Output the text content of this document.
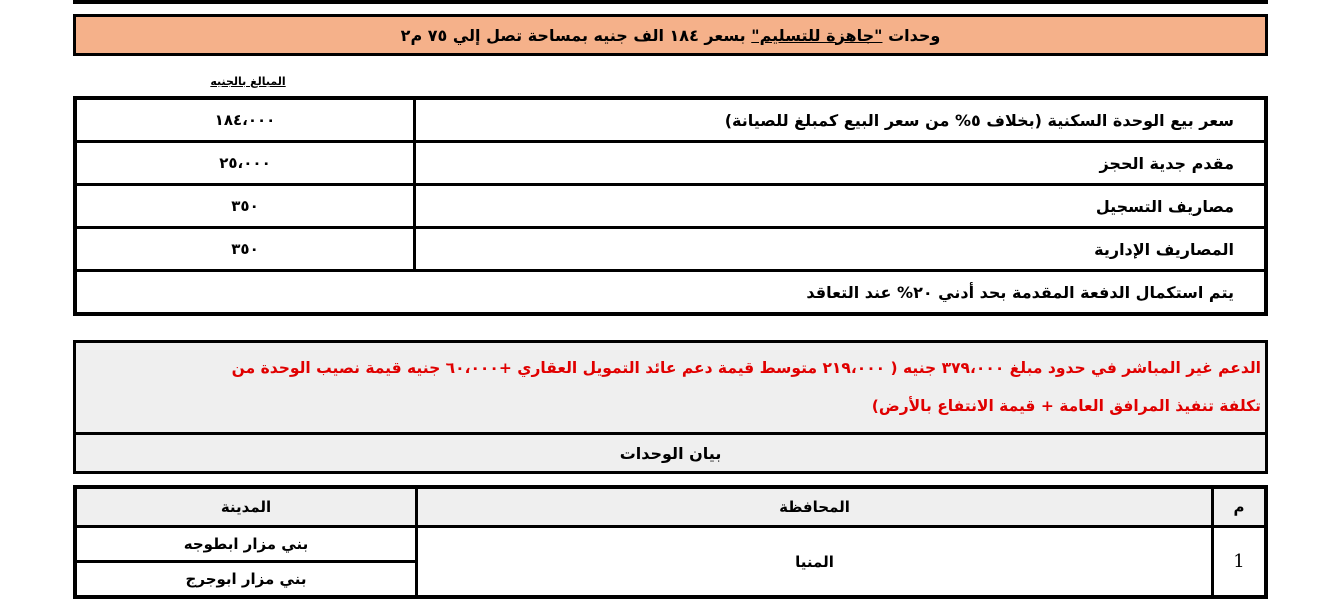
وحدات

"جاهزة للتسليم"

بسعر ١٨٤ الف جنيه بمساحة تصل إلي ٧٥ م٢
المبالغ بالجنيه
١٨٤،٠٠٠	سعر بيع الوحدة السكنية (بخلاف ٥% من سعر البيع كمبلغ للصيانة)
٢٥،٠٠٠	مقدم جدية الحجز
٣٥٠	مصاريف التسجيل
٣٥٠	المصاريف الإدارية
يتم استكمال الدفعة المقدمة بحد أدني ٢٠% عند التعاقد	
الدعم غير المباشر في حدود مبلغ ٣٧٩،٠٠٠ جنيه ( ٢١٩،٠٠٠ متوسط قيمة دعم عائد التمويل العقاري +٦٠،٠٠٠ جنيه قيمة نصيب الوحدة من
تكلفة تنفيذ المرافق العامة + قيمة الانتفاع بالأرض)
بيان الوحدات
المدينة	المحافظة	م
بني مزار ابطوجه	المنيا	1
بني مزار ابوجرج		
